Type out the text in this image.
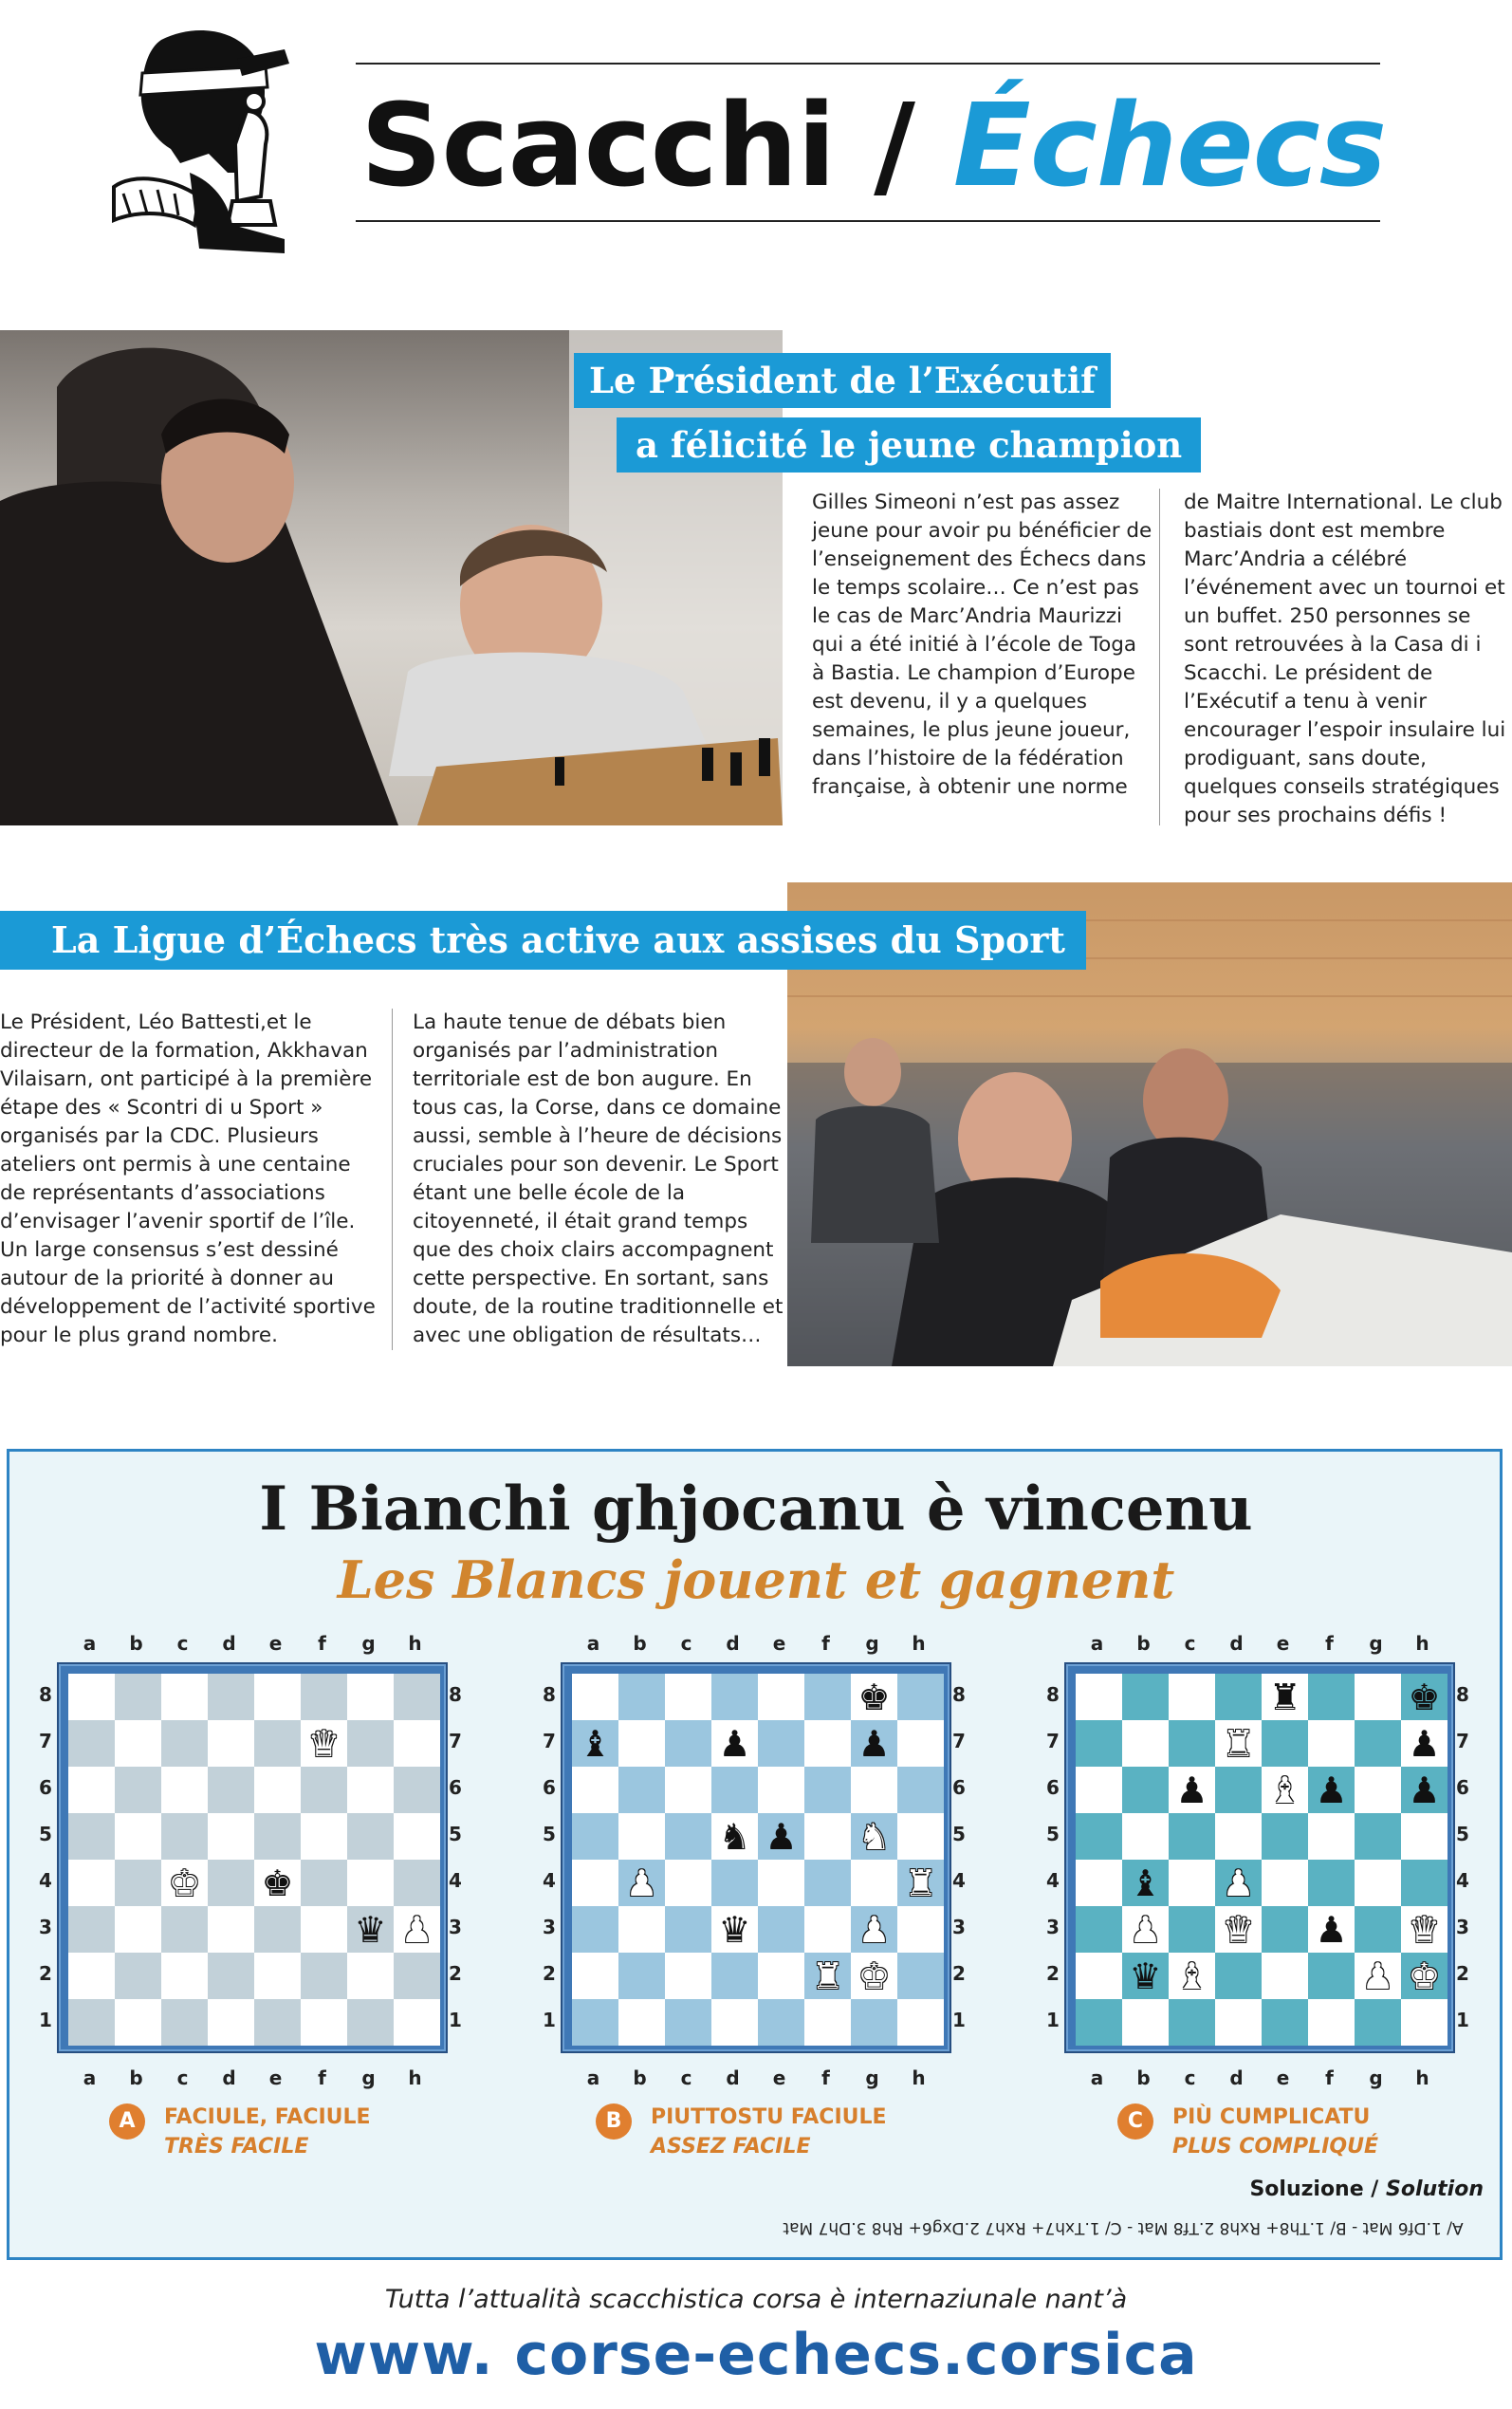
Scacchi / Échecs
Le Président de l’Exécutif
a félicité le jeune champion
Gilles Simeoni n’est pas assez jeune pour avoir pu bénéficier de l’enseignement des Échecs dans le temps scolaire… Ce n’est pas le cas de Marc’Andria Maurizzi qui a été initié à l’école de Toga à Bastia. Le champion d’Europe est devenu, il y a quelques semaines, le plus jeune joueur, dans l’histoire de la fédération française, à obtenir une norme
de Maitre International. Le club bastiais dont est membre Marc’Andria a célébré l’événement avec un tournoi et un buffet. 250 personnes se sont retrouvées à la Casa di i Scacchi. Le président de l’Exécutif a tenu à venir encourager l’espoir insulaire lui prodiguant, sans doute, quelques conseils stratégiques pour ses prochains défis !
La Ligue d’Échecs très active aux assises du Sport
Le Président, Léo Battesti,et le directeur de la formation, Akkhavan Vilaisarn, ont participé à la première étape des « Scontri di u Sport » organisés par la CDC. Plusieurs ateliers ont permis à une centaine de représentants d’associations d’envisager l’avenir sportif de l’île. Un large consensus s’est dessiné autour de la priorité à donner au développement de l’activité sportive pour le plus grand nombre.
La haute tenue de débats bien organisés par l’administration territoriale est de bon augure. En tous cas, la Corse, dans ce domaine aussi, semble à l’heure de décisions cruciales pour son devenir. Le Sport étant une belle école de la citoyenneté, il était grand temps que des choix clairs accompagnent cette perspective. En sortant, sans doute, de la routine traditionnelle et avec une obligation de résultats…
I Bianchi ghjocanu è vincenu
Les Blancs jouent et gagnent
a	b	c	d	e	f	g	h
a	b	c	d	e	f	g	h
8
7
6
5
4
3
2
1
8
7
6
5
4
3
2
1
♛
♚ ♚
♛ ♟
a	b	c	d	e	f	g	h
a	b	c	d	e	f	g	h
8
7
6
5
4
3
2
1
8
7
6
5
4
3
2
1
♚
♝	♟	♟
♞ ♟ ♞
♟	♜
♛	♟
♜ ♚
a	b	c	d	e	f	g	h
a	b	c	d	e	f	g	h
8
7
6
5
4
3
2
1
8
7
6
5
4
3
2
1
♜	♚
♜	♟
♟ ♝ ♟ ♟
♝ ♟
♟ ♛ ♟ ♛
♛ ♝	♟ ♚
A	FACIULE, FACIULE
TRÈS FACILE
B	PIUTTOSTU FACIULE
ASSEZ FACILE
C	PIÙ CUMPLICATU
PLUS COMPLIQUÉ
Soluzione / Solution
A/ 1.Df6 Mat - B/ 1.Th8+ Rxh8 2.Tf8 Mat - C/ 1.Txh7+ Rxh7 2.Dxg6+ Rh8 3.Dh7 Mat
Tutta l’attualità scacchistica corsa è internaziunale nant’à
www. corse-echecs.corsica
